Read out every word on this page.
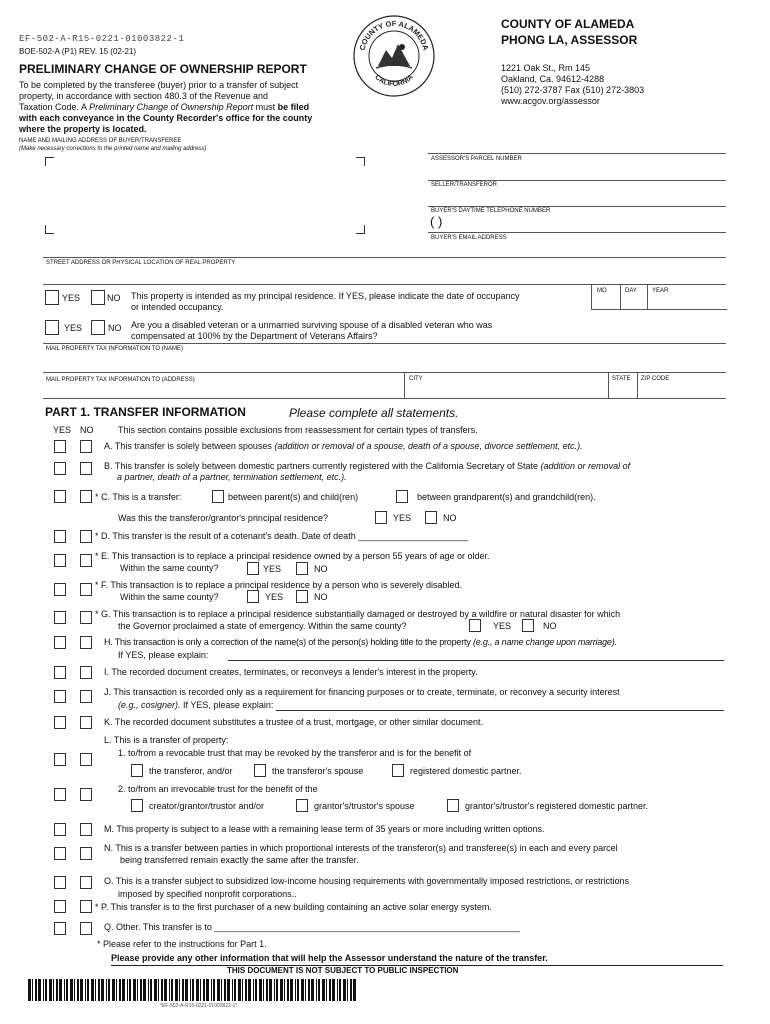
EF-502-A-R15-0221-01003822-1
BOE-502-A (P1) REV. 15 (02-21)
PRELIMINARY CHANGE OF OWNERSHIP REPORT
To be completed by the transferee (buyer) prior to a transfer of subject
property, in accordance with section 480.3 of the Revenue and
Taxation Code. A Preliminary Change of Ownership Report must be filed
with each conveyance in the County Recorder's office for the county
where the property is located.
COUNTY OF ALAMEDA
CALIFORNIA
COUNTY OF ALAMEDA
PHONG LA, ASSESSOR
1221 Oak St., Rm 145
Oakland, Ca. 94612-4288
(510) 272-3787 Fax (510) 272-3803
www.acgov.org/assessor
NAME AND MAILING ADDRESS OF BUYER/TRANSFEREE
(Make necessary corrections to the printed name and mailing address)
ASSESSOR'S PARCEL NUMBER
SELLER/TRANSFEROR
BUYER'S DAYTIME TELEPHONE NUMBER
( )
BUYER'S EMAIL ADDRESS
STREET ADDRESS OR PHYSICAL LOCATION OF REAL PROPERTY
YES	NO This property is intended as my principal residence. If YES, please indicate the date of occupancy
or intended occupancy.
MO	DAY	YEAR
YES	NO Are you a disabled veteran or a unmarried surviving spouse of a disabled veteran who was
compensated at 100% by the Department of Veterans Affairs?
MAIL PROPERTY TAX INFORMATION TO (NAME)
MAIL PROPERTY TAX INFORMATION TO (ADDRESS)	CITY	STATE ZIP CODE
PART 1. TRANSFER INFORMATION	Please complete all statements.
YES NO	This section contains possible exclusions from reassessment for certain types of transfers.
A. This transfer is solely between spouses (addition or removal of a spouse, death of a spouse, divorce settlement, etc.).
B. This transfer is solely between domestic partners currently registered with the California Secretary of State (addition or removal of
a partner, death of a partner, termination settlement, etc.).
* C. This is a transfer:	between parent(s) and child(ren)	between grandparent(s) and grandchild(ren).
Was this the transferor/grantor's principal residence?	YES	NO
* D. This transfer is the result of a cotenant's death. Date of death ______________________
* E. This transaction is to replace a principal residence owned by a person 55 years of age or older.
Within the same county?	YES	NO
* F. This transaction is to replace a principal residence by a person who is severely disabled.
Within the same county?	YES	NO
* G. This transaction is to replace a principal residence substantially damaged or destroyed by a wildfire or natural disaster for which
the Governor proclaimed a state of emergency. Within the same county?	YES	NO
H. This transaction is only a correction of the name(s) of the person(s) holding title to the property (e.g., a name change upon marriage).
If YES, please explain:
I. The recorded document creates, terminates, or reconveys a lender's interest in the property.
J. This transaction is recorded only as a requirement for financing purposes or to create, terminate, or reconvey a security interest
(e.g., cosigner). If YES, please explain:
K. The recorded document substitutes a trustee of a trust, mortgage, or other similar document.
L. This is a transfer of property:
1. to/from a revocable trust that may be revoked by the transferor and is for the benefit of
the transferor, and/or	the transferor's spouse	registered domestic partner.
2. to/from an irrevocable trust for the benefit of the
creator/grantor/trustor and/or	grantor's/trustor's spouse	grantor's/trustor's registered domestic partner.
M. This property is subject to a lease with a remaining lease term of 35 years or more including written options.
N. This is a transfer between parties in which proportional interests of the transferor(s) and transferee(s) in each and every parcel
being transferred remain exactly the same after the transfer.
O. This is a transfer subject to subsidized low-income housing requirements with governmentally imposed restrictions, or restrictions
imposed by specified nonprofit corporations..
* P. This transfer is to the first purchaser of a new building containing an active solar energy system.
Q. Other. This transfer is to _____________________________________________________________
* Please refer to the instructions for Part 1.
Please provide any other information that will help the Assessor understand the nature of the transfer.
THIS DOCUMENT IS NOT SUBJECT TO PUBLIC INSPECTION
*EF-502-A-R15-0221-01003822-1*
